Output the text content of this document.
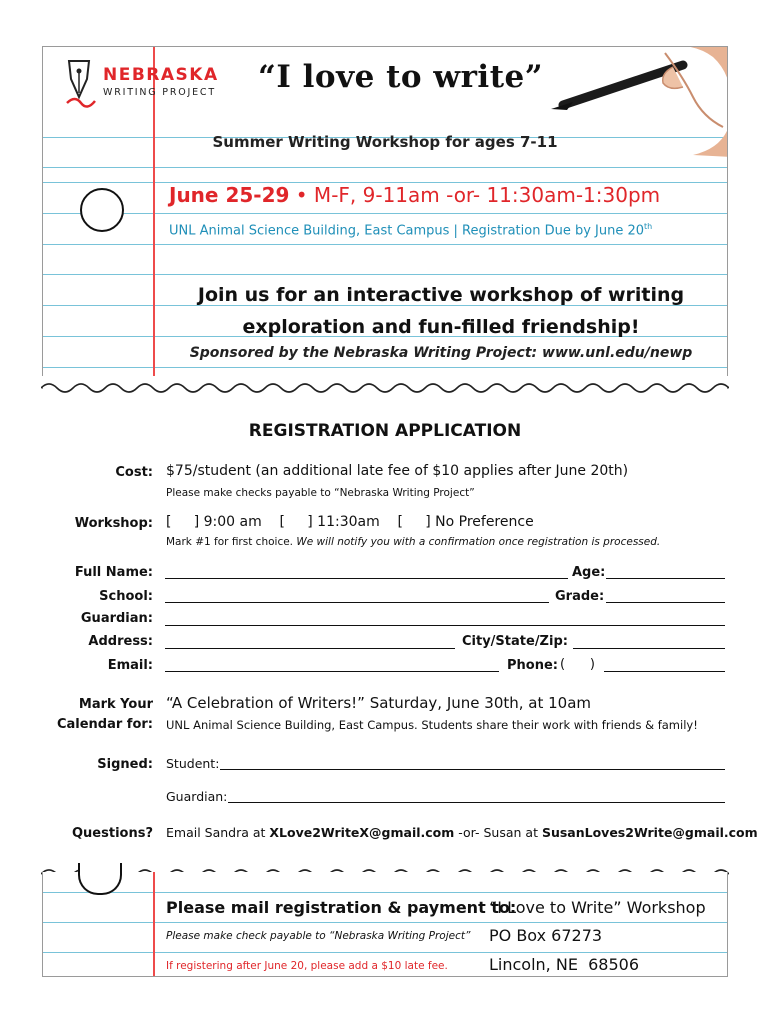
NEBRASKA
WRITING PROJECT “I love to write”
Summer Writing Workshop for ages 7-11
June 25-29 • M-F, 9-11am -or- 11:30am-1:30pm
UNL Animal Science Building, East Campus | Registration Due by June 20th
Join us for an interactive workshop of writing
exploration and fun-filled friendship!
Sponsored by the Nebraska Writing Project: www.unl.edu/newp
REGISTRATION APPLICATION
Cost: $75/student (an additional late fee of $10 applies after June 20th)
Please make checks payable to “Nebraska Writing Project”
Workshop: [     ] 9:00 am    [     ] 11:30am    [     ] No Preference
Mark #1 for first choice. We will notify you with a confirmation once registration is processed.
Full Name:	Age:
School:	Grade:
Guardian:
Address:	City/State/Zip:
Email:	Phone: (      )
Mark Your
Calendar for:
“A Celebration of Writers!” Saturday, June 30th, at 10am
UNL Animal Science Building, East Campus. Students share their work with friends & family!
Signed: Student:
Guardian:
Questions? Email Sandra at XLove2WriteX@gmail.com -or- Susan at SusanLoves2Write@gmail.com
Please mail registration & payment to:
Please make check payable to “Nebraska Writing Project”
If registering after June 20, please add a $10 late fee.
“I Love to Write” Workshop
PO Box 67273
Lincoln, NE  68506
